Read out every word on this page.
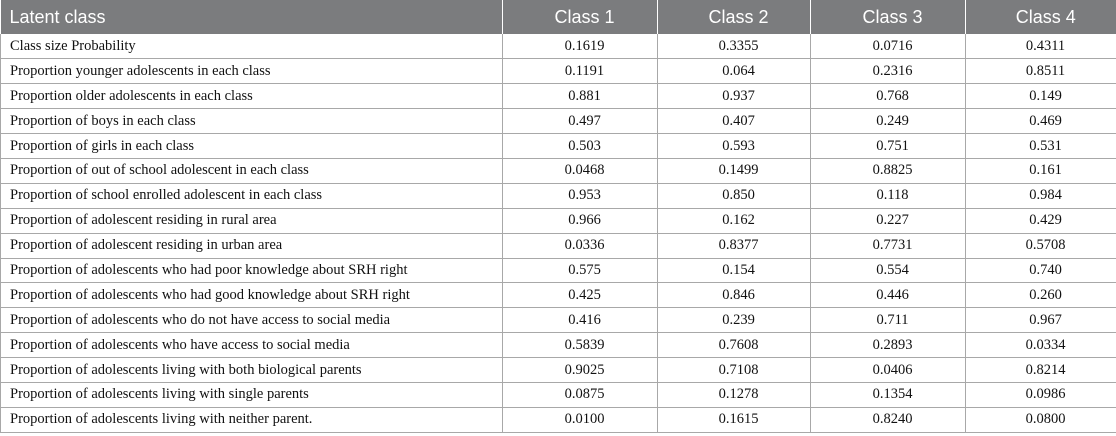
Latent class	Class 1	Class 2	Class 3	Class 4
Class size Probability	0.1619	0.3355	0.0716	0.4311
Proportion younger adolescents in each class	0.1191	0.064	0.2316	0.8511
Proportion older adolescents in each class	0.881	0.937	0.768	0.149
Proportion of boys in each class	0.497	0.407	0.249	0.469
Proportion of girls in each class	0.503	0.593	0.751	0.531
Proportion of out of school adolescent in each class	0.0468	0.1499	0.8825	0.161
Proportion of school enrolled adolescent in each class	0.953	0.850	0.118	0.984
Proportion of adolescent residing in rural area	0.966	0.162	0.227	0.429
Proportion of adolescent residing in urban area	0.0336	0.8377	0.7731	0.5708
Proportion of adolescents who had poor knowledge about SRH right	0.575	0.154	0.554	0.740
Proportion of adolescents who had good knowledge about SRH right	0.425	0.846	0.446	0.260
Proportion of adolescents who do not have access to social media	0.416	0.239	0.711	0.967
Proportion of adolescents who have access to social media	0.5839	0.7608	0.2893	0.0334
Proportion of adolescents living with both biological parents	0.9025	0.7108	0.0406	0.8214
Proportion of adolescents living with single parents	0.0875	0.1278	0.1354	0.0986
Proportion of adolescents living with neither parent.	0.0100	0.1615	0.8240	0.0800
